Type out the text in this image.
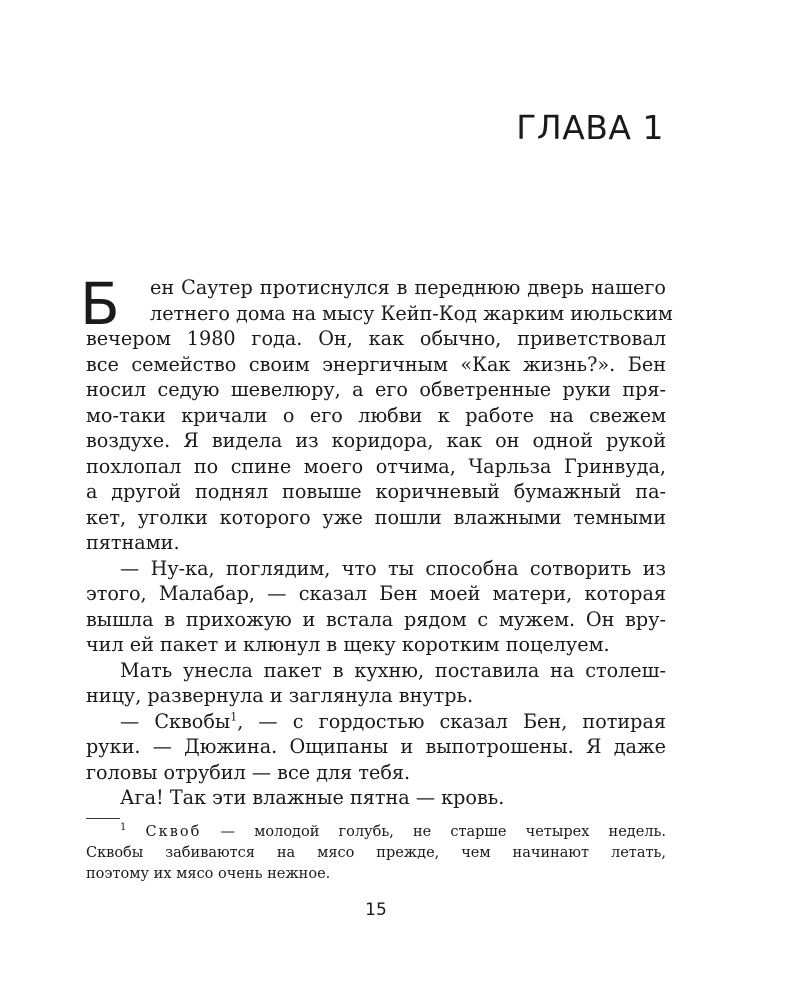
ГЛАВА 1
Б	ен Саутер протиснулся в переднюю дверь нашего
летнего дома на мысу Кейп-Код жарким июльским
вечером 1980 года. Он, как обычно, приветствовал
все семейство своим энергичным «Как жизнь?». Бен
носил седую шевелюру, а его обветренные руки пря-
мо-таки кричали о его любви к работе на свежем
воздухе. Я видела из коридора, как он одной рукой
похлопал по спине моего отчима, Чарльза Гринвуда,
а другой поднял повыше коричневый бумажный па-
кет, уголки которого уже пошли влажными темными
пятнами.
— Ну-ка, поглядим, что ты способна сотворить из
этого, Малабар, — сказал Бен моей матери, которая
вышла в прихожую и встала рядом с мужем. Он вру-
чил ей пакет и клюнул в щеку коротким поцелуем.
Мать унесла пакет в кухню, поставила на столеш-
ницу, развернула и заглянула внутрь.
— Сквобы$^1$, — с гордостью сказал Бен, потирая
руки. — Дюжина. Ощипаны и выпотрошены. Я даже
головы отрубил — все для тебя.
Ага! Так эти влажные пятна — кровь.
$^1$ Сквоб — молодой голубь, не старше четырех недель.
Сквобы забиваются на мясо прежде, чем начинают летать,
поэтому их мясо очень нежное.
15
